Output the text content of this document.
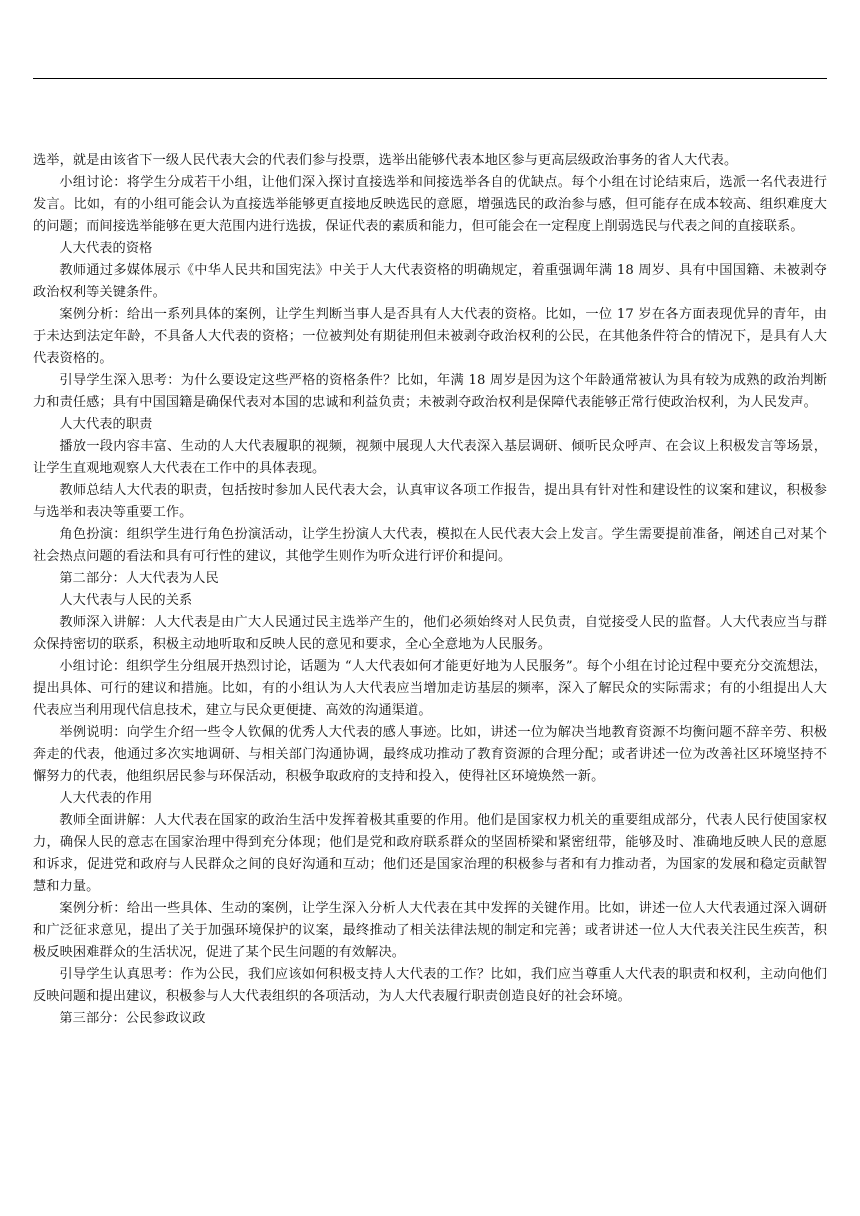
选举，就是由该省下一级人民代表大会的代表们参与投票，选举出能够代表本地区参与更高层级政治事务的省人大代表。

小组讨论：将学生分成若干小组，让他们深入探讨直接选举和间接选举各自的优缺点。每个小组在讨论结束后，选派一名代表进行发言。比如，有的小组可能会认为直接选举能够更直接地反映选民的意愿，增强选民的政治参与感，但可能存在成本较高、组织难度大的问题；而间接选举能够在更大范围内进行选拔，保证代表的素质和能力，但可能会在一定程度上削弱选民与代表之间的直接联系。

人大代表的资格

教师通过多媒体展示《中华人民共和国宪法》中关于人大代表资格的明确规定，着重强调年满 18 周岁、具有中国国籍、未被剥夺政治权利等关键条件。

案例分析：给出一系列具体的案例，让学生判断当事人是否具有人大代表的资格。比如，一位 17 岁在各方面表现优异的青年，由于未达到法定年龄，不具备人大代表的资格；一位被判处有期徒刑但未被剥夺政治权利的公民，在其他条件符合的情况下，是具有人大代表资格的。

引导学生深入思考：为什么要设定这些严格的资格条件？比如，年满 18 周岁是因为这个年龄通常被认为具有较为成熟的政治判断力和责任感；具有中国国籍是确保代表对本国的忠诚和利益负责；未被剥夺政治权利是保障代表能够正常行使政治权利，为人民发声。

人大代表的职责

播放一段内容丰富、生动的人大代表履职的视频，视频中展现人大代表深入基层调研、倾听民众呼声、在会议上积极发言等场景，让学生直观地观察人大代表在工作中的具体表现。

教师总结人大代表的职责，包括按时参加人民代表大会，认真审议各项工作报告，提出具有针对性和建设性的议案和建议，积极参与选举和表决等重要工作。

角色扮演：组织学生进行角色扮演活动，让学生扮演人大代表，模拟在人民代表大会上发言。学生需要提前准备，阐述自己对某个社会热点问题的看法和具有可行性的建议，其他学生则作为听众进行评价和提问。

第二部分：人大代表为人民

人大代表与人民的关系

教师深入讲解：人大代表是由广大人民通过民主选举产生的，他们必须始终对人民负责，自觉接受人民的监督。人大代表应当与群众保持密切的联系，积极主动地听取和反映人民的意见和要求，全心全意地为人民服务。

小组讨论：组织学生分组展开热烈讨论，话题为 “人大代表如何才能更好地为人民服务”。每个小组在讨论过程中要充分交流想法，提出具体、可行的建议和措施。比如，有的小组认为人大代表应当增加走访基层的频率，深入了解民众的实际需求；有的小组提出人大代表应当利用现代信息技术，建立与民众更便捷、高效的沟通渠道。

举例说明：向学生介绍一些令人钦佩的优秀人大代表的感人事迹。比如，讲述一位为解决当地教育资源不均衡问题不辞辛劳、积极奔走的代表，他通过多次实地调研、与相关部门沟通协调，最终成功推动了教育资源的合理分配；或者讲述一位为改善社区环境坚持不懈努力的代表，他组织居民参与环保活动，积极争取政府的支持和投入，使得社区环境焕然一新。

人大代表的作用

教师全面讲解：人大代表在国家的政治生活中发挥着极其重要的作用。他们是国家权力机关的重要组成部分，代表人民行使国家权力，确保人民的意志在国家治理中得到充分体现；他们是党和政府联系群众的坚固桥梁和紧密纽带，能够及时、准确地反映人民的意愿和诉求，促进党和政府与人民群众之间的良好沟通和互动；他们还是国家治理的积极参与者和有力推动者，为国家的发展和稳定贡献智慧和力量。

案例分析：给出一些具体、生动的案例，让学生深入分析人大代表在其中发挥的关键作用。比如，讲述一位人大代表通过深入调研和广泛征求意见，提出了关于加强环境保护的议案，最终推动了相关法律法规的制定和完善；或者讲述一位人大代表关注民生疾苦，积极反映困难群众的生活状况，促进了某个民生问题的有效解决。

引导学生认真思考：作为公民，我们应该如何积极支持人大代表的工作？比如，我们应当尊重人大代表的职责和权利，主动向他们反映问题和提出建议，积极参与人大代表组织的各项活动，为人大代表履行职责创造良好的社会环境。

第三部分：公民参政议政
